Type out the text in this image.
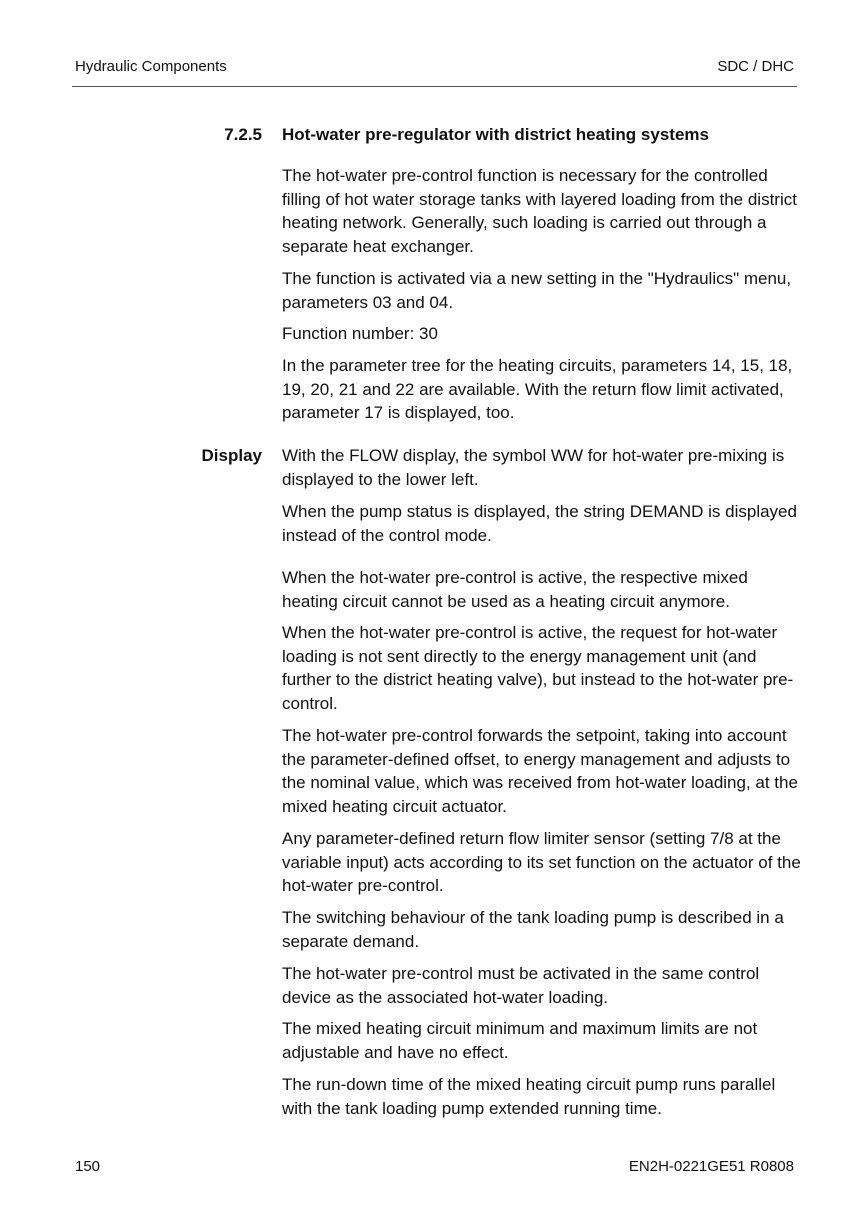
Hydraulic Components	SDC / DHC
7.2.5 Hot-water pre-regulator with district heating systems

The hot-water pre-control function is necessary for the controlled filling of hot water storage tanks with layered loading from the district heating network. Generally, such loading is carried out through a separate heat exchanger.

The function is activated via a new setting in the "Hydraulics" menu, parameters 03 and 04.

Function number: 30

In the parameter tree for the heating circuits, parameters 14, 15, 18, 19, 20, 21 and 22 are available. With the return flow limit activated, parameter 17 is displayed, too.

Display With the FLOW display, the symbol WW for hot-water pre-mixing is displayed to the lower left.

When the pump status is displayed, the string DEMAND is displayed instead of the control mode.

When the hot-water pre-control is active, the respective mixed heating circuit cannot be used as a heating circuit anymore.

When the hot-water pre-control is active, the request for hot-water loading is not sent directly to the energy management unit (and further to the district heating valve), but instead to the hot-water pre-control.

The hot-water pre-control forwards the setpoint, taking into account the parameter-defined offset, to energy management and adjusts to the nominal value, which was received from hot-water loading, at the mixed heating circuit actuator.

Any parameter-defined return flow limiter sensor (setting 7/8 at the variable input) acts according to its set function on the actuator of the hot-water pre-control.

The switching behaviour of the tank loading pump is described in a separate demand.

The hot-water pre-control must be activated in the same control device as the associated hot-water loading.

The mixed heating circuit minimum and maximum limits are not adjustable and have no effect.

The run-down time of the mixed heating circuit pump runs parallel with the tank loading pump extended running time.

150	EN2H-0221GE51 R0808
